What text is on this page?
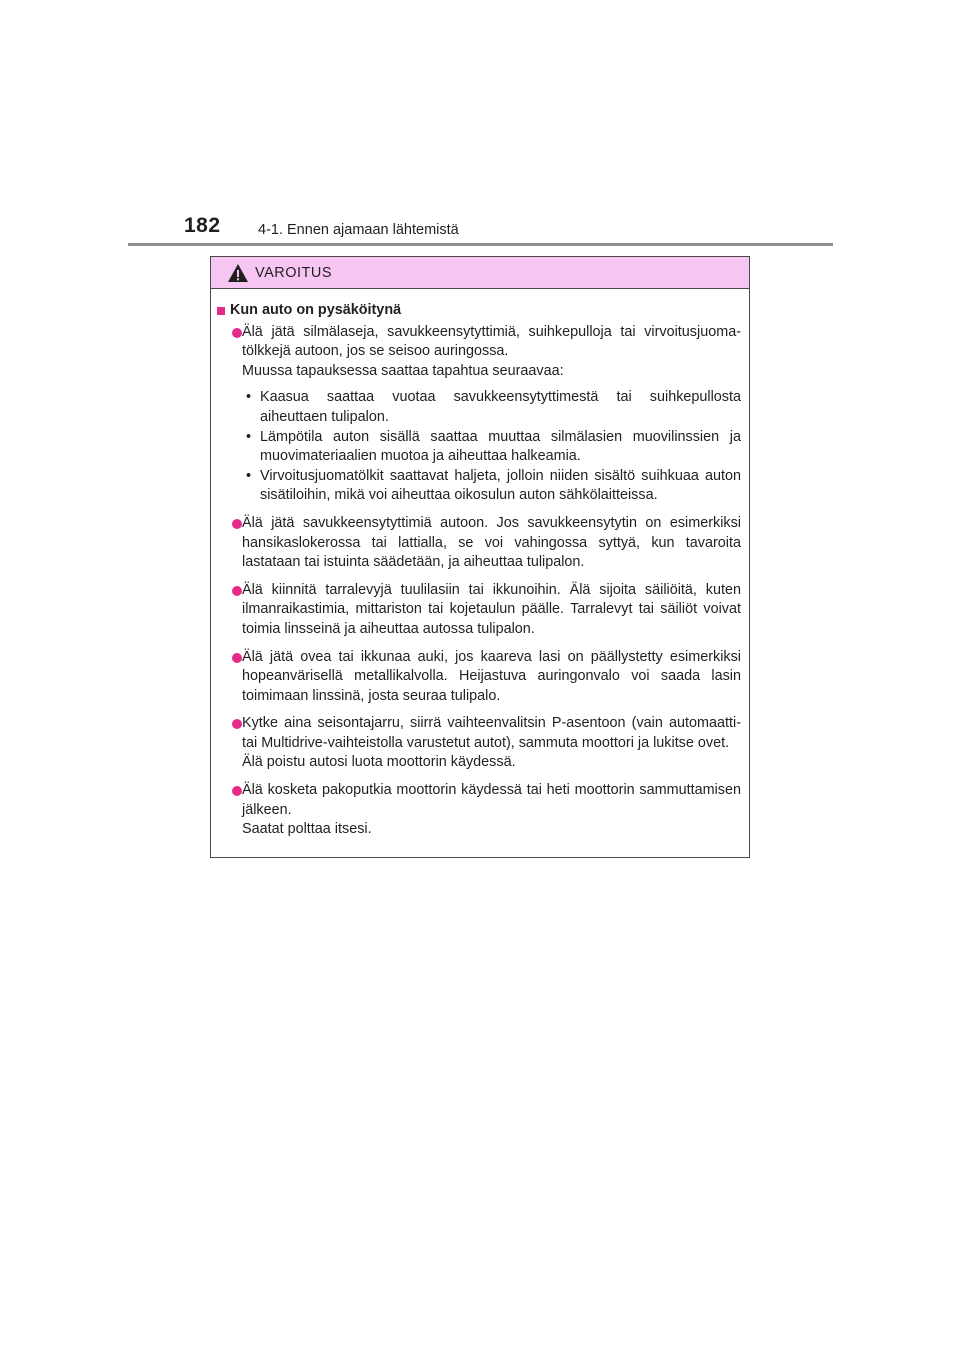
182	4-1. Ennen ajamaan lähtemistä
VAROITUS
Kun auto on pysäköitynä
Älä jätä silmälaseja, savukkeensytyttimiä, suihkepulloja tai virvoitusjuoma-tölkkejä autoon, jos se seisoo auringossa.
Muussa tapauksessa saattaa tapahtua seuraavaa:
• Kaasua saattaa vuotaa savukkeensytyttimestä tai suihkepullosta aiheuttaen tulipalon.
• Lämpötila auton sisällä saattaa muuttaa silmälasien muovilinssien ja muovimateriaalien muotoa ja aiheuttaa halkeamia.
• Virvoitusjuomatölkit saattavat haljeta, jolloin niiden sisältö suihkuaa auton sisätiloihin, mikä voi aiheuttaa oikosulun auton sähkölaitteissa.
Älä jätä savukkeensytyttimiä autoon. Jos savukkeensytytin on esimerkiksi hansikaslokerossa tai lattialla, se voi vahingossa syttyä, kun tavaroita lastataan tai istuinta säädetään, ja aiheuttaa tulipalon.
Älä kiinnitä tarralevyjä tuulilasiin tai ikkunoihin. Älä sijoita säiliöitä, kuten ilmanraikastimia, mittariston tai kojetaulun päälle. Tarralevyt tai säiliöt voivat toimia linsseinä ja aiheuttaa autossa tulipalon.
Älä jätä ovea tai ikkunaa auki, jos kaareva lasi on päällystetty esimerkiksi hopeanvärisellä metallikalvolla. Heijastuva auringonvalo voi saada lasin toimimaan linssinä, josta seuraa tulipalo.
Kytke aina seisontajarru, siirrä vaihteenvalitsin P-asentoon (vain automaatti- tai Multidrive-vaihteistolla varustetut autot), sammuta moottori ja lukitse ovet.
Älä poistu autosi luota moottorin käydessä.
Älä kosketa pakoputkia moottorin käydessä tai heti moottorin sammuttamisen jälkeen.
Saatat polttaa itsesi.
